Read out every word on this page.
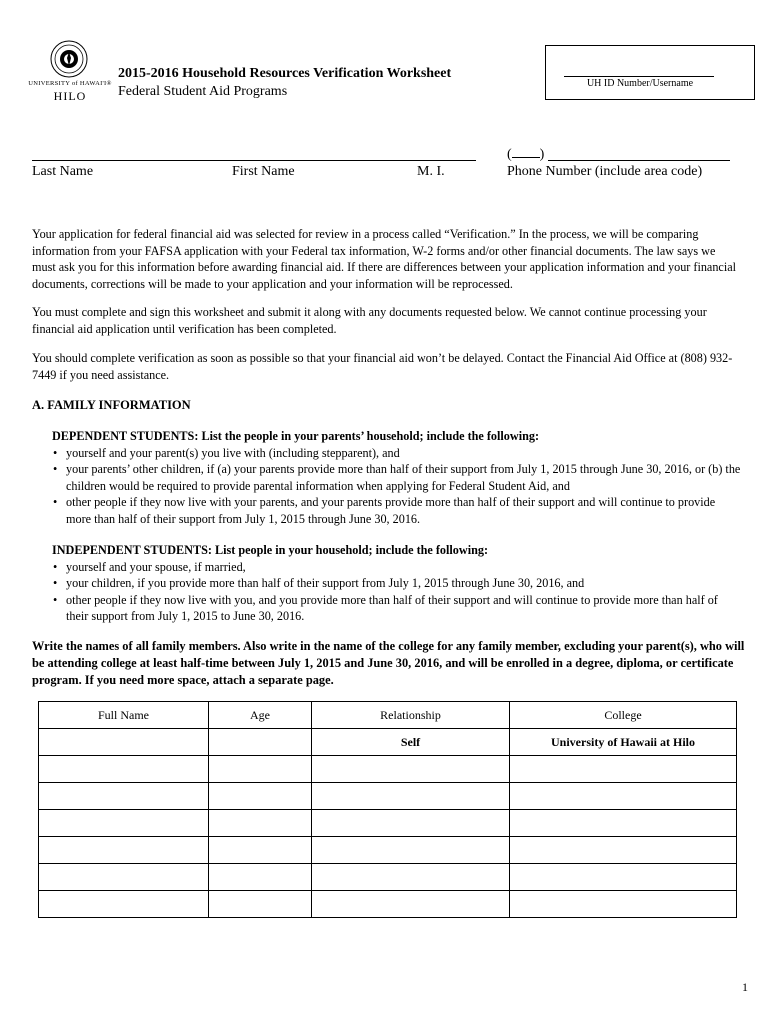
UNIVERSITY of HAWAI'I®
HILO
2015-2016 Household Resources Verification Worksheet
Federal Student Aid Programs
UH ID Number/Username
Last Name	First Name	M. I.
( )
Phone Number (include area code)

Your application for federal financial aid was selected for review in a process called “Verification.” In the process, we will be comparing information from your FAFSA application with your Federal tax information, W-2 forms and/or other financial documents. The law says we must ask you for this information before awarding financial aid. If there are differences between your application information and your financial documents, corrections will be made to your application and your information will be reprocessed.

You must complete and sign this worksheet and submit it along with any documents requested below. We cannot continue processing your financial aid application until verification has been completed.

You should complete verification as soon as possible so that your financial aid won’t be delayed. Contact the Financial Aid Office at (808) 932-7449 if you need assistance.

A. FAMILY INFORMATION
DEPENDENT STUDENTS: List the people in your parents’ household; include the following:
• yourself and your parent(s) you live with (including stepparent), and
• your parents’ other children, if (a) your parents provide more than half of their support from July 1, 2015 through June 30, 2016, or (b) the children would be required to provide parental information when applying for Federal Student Aid, and
• other people if they now live with your parents, and your parents provide more than half of their support and will continue to provide more than half of their support from July 1, 2015 through June 30, 2016.
INDEPENDENT STUDENTS: List people in your household; include the following:
• yourself and your spouse, if married,
• your children, if you provide more than half of their support from July 1, 2015 through June 30, 2016, and
• other people if they now live with you, and you provide more than half of their support and will continue to provide more than half of their support from July 1, 2015 to June 30, 2016.
Write the names of all family members. Also write in the name of the college for any family member, excluding your parent(s), who will be attending college at least half-time between July 1, 2015 and June 30, 2016, and will be enrolled in a degree, diploma, or certificate program. If you need more space, attach a separate page.
Full Name	Age	Relationship	College
		Self	University of Hawaii at Hilo

1
